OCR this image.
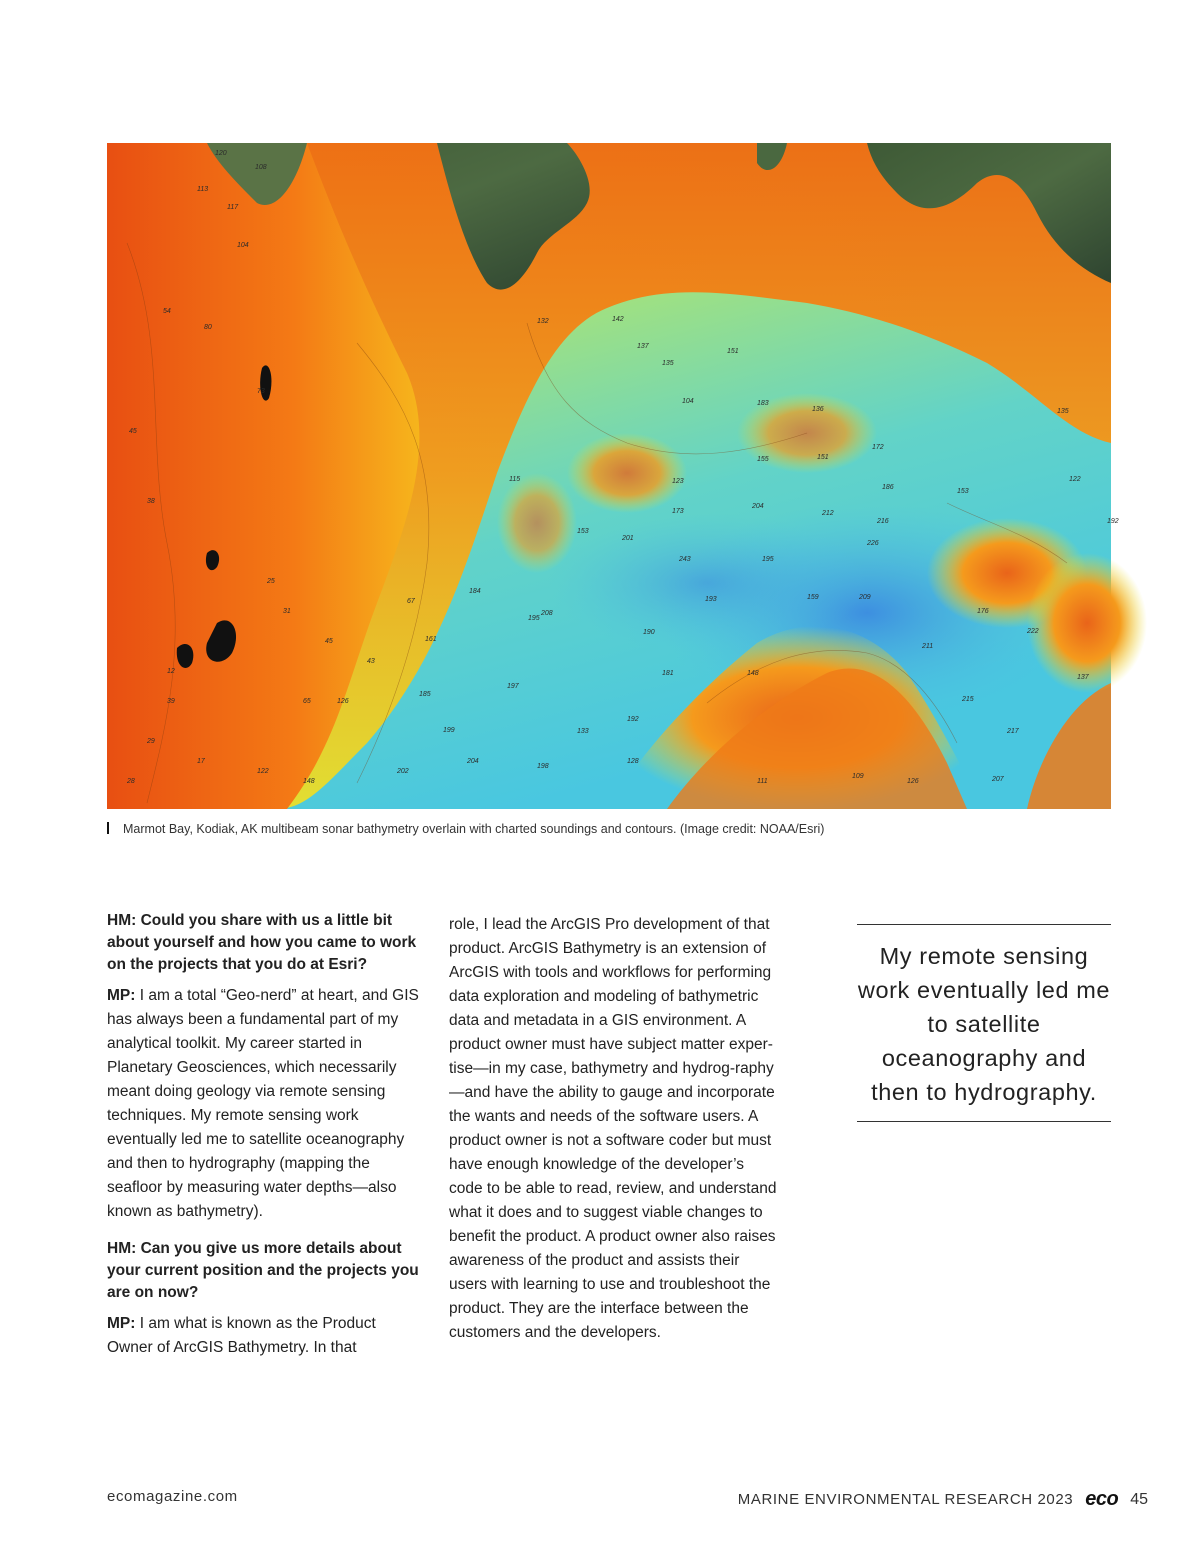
120
108
113
117
104
80
73
54
38
25
12
45
39
31
65
43
67
122
148
126
132	142
137
135
151
104	183
136
115	123
153
173
201
204
212
216
226
243	195
184
193
190
197
161
185
199
204
202
208
195
192
181	148
159	209
211
215
217
207
192
222
137
122
135
172
186
151
155
153
176
126
109
111
128
133
198
17
28
29
45
Marmot Bay, Kodiak, AK multibeam sonar bathymetry overlain with charted soundings and contours. (Image credit: NOAA/Esri)

HM: Could you share with us a little bit about yourself and how you came to work on the projects that you do at Esri?

MP: I am a total “Geo-nerd” at heart, and GIS has always been a fundamental part of my analytical toolkit. My career started in Planetary Geosciences, which necessarily meant doing geology via remote sensing techniques. My remote sensing work eventually led me to satellite oceanography and then to hydrography (mapping the seafloor by measuring water depths—also known as bathymetry).

HM: Can you give us more details about your current position and the projects you are on now?

MP: I am what is known as the Product Owner of ArcGIS Bathymetry. In that

role, I lead the ArcGIS Pro development of that product. ArcGIS Bathymetry is an extension of ArcGIS with tools and workflows for performing data exploration and modeling of bathymetric data and metadata in a GIS environment. A product owner must have subject matter exper-tise—in my case, bathymetry and hydrog-raphy—and have the ability to gauge and incorporate the wants and needs of the software users. A product owner is not a software coder but must have enough knowledge of the developer’s code to be able to read, review, and understand what it does and to suggest viable changes to benefit the product. A product owner also raises awareness of the product and assists their users with learning to use and troubleshoot the product. They are the interface between the customers and the developers.

My remote sensing work eventually led me to satellite oceanography and then to hydrography.
ecomagazine.com	MARINE ENVIRONMENTAL RESEARCH 2023 eco 45
